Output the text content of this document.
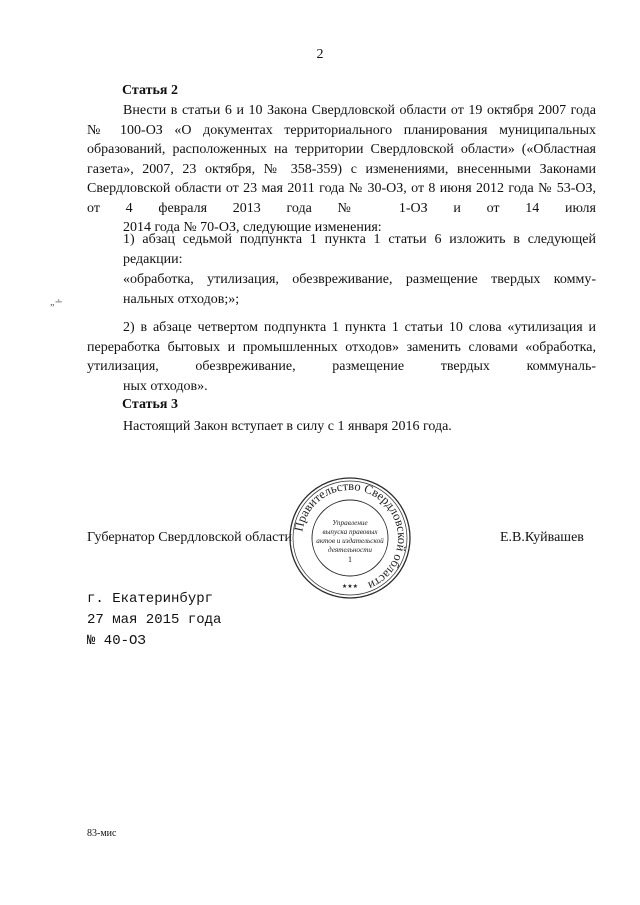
2
Статья 2

Внести в статьи 6 и 10 Закона Свердловской области от 19 октября 2007 года № 100-ОЗ «О документах территориального планирования муниципальных образований, расположенных на территории Свердловской области» («Областная газета», 2007, 23 октября, № 358-359) с изменениями, внесенными Законами Свердловской области от 23 мая 2011 года № 30-ОЗ, от 8 июня 2012 года № 53-ОЗ, от 4 февраля 2013 года № 1-ОЗ и от 14 июля
2014 года № 70-ОЗ, следующие изменения:

1) абзац седьмой подпункта 1 пункта 1 статьи 6 изложить в следующей
редакции:

«обработка, утилизация, обезвреживание, размещение твердых комму-
нальных отходов;»;

„∸

2) в абзаце четвертом подпункта 1 пункта 1 статьи 10 слова «утилизация и переработка бытовых и промышленных отходов» заменить словами «обработка, утилизация, обезвреживание, размещение твердых коммуналь-
ных отходов».

Статья 3

Настоящий Закон вступает в силу с 1 января 2016 года.

Губернатор Свердловской области	Е.В.Куйвашев
Правительство Свердловской области
Управление
выпуска правовых
актов и издательской
деятельности
1
★★★
г. Екатеринбург
27 мая 2015 года
№ 40-ОЗ
83-мис
